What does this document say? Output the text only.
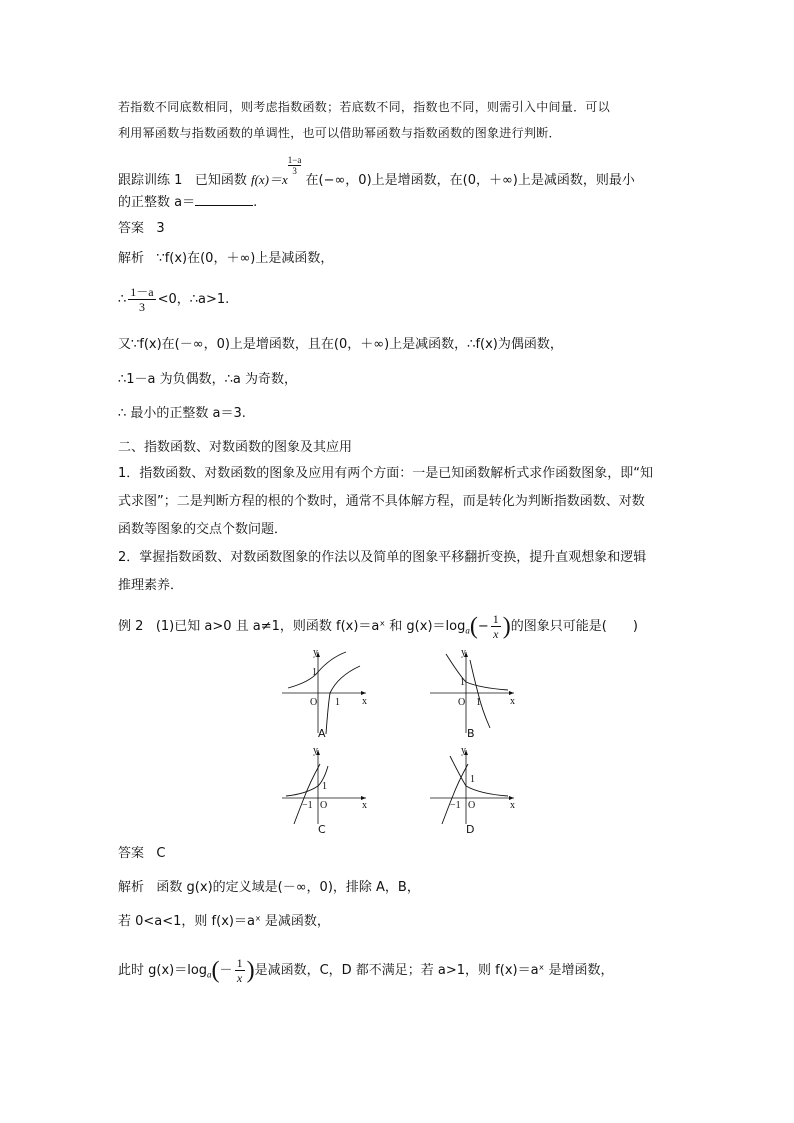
若指数不同底数相同，则考虑指数函数；若底数不同，指数也不同，则需引入中间量．可以
利用幂函数与指数函数的单调性，也可以借助幂函数与指数函数的图象进行判断．
跟踪训练 1 已知函数 f(x)＝x
$^{\frac{1-a}{3}}$
在(−∞，0)上是增函数，在(0，＋∞)上是减函数，则最小
的正整数 a＝	.
答案 3
解析 ∵f(x)在(0，＋∞)上是减函数，
∴ $\frac{1-a}{3} <0$，∴a>1.
又∵f(x)在(－∞，0)上是增函数，且在(0，＋∞)上是减函数，∴f(x)为偶函数，
∴1－a 为负偶数，∴a 为奇数，
∴ 最小的正整数 a＝3.
二、指数函数、对数函数的图象及其应用
1．指数函数、对数函数的图象及应用有两个方面：一是已知函数解析式求作函数图象，即“知
式求图”；二是判断方程的根的个数时，通常不具体解方程，而是转化为判断指数函数、对数
函数等图象的交点个数问题．
2．掌握指数函数、对数函数图象的作法以及简单的图象平移翻折变换，提升直观想象和逻辑
推理素养．
例 2 (1)已知 a>0 且 a≠1，则函数 f(x)＝aˣ 和 $g(x)=\log_a(- \frac{1}{x}$ )的图象只可能是(　　)
y
x
O 1
1
A
y
x
O 1
1
B
y
x
O
−1
1
C
y
x
O
−1
1
D
答案 C
解析 函数 g(x)的定义域是(－∞，0)，排除 A，B，
若 0<a<1，则 f(x)＝aˣ 是减函数，
此时 $g(x)=\log_a(- \frac{1}{x}$ )是减函数，C，D 都不满足；若 a>1，则 f(x)＝aˣ 是增函数，
